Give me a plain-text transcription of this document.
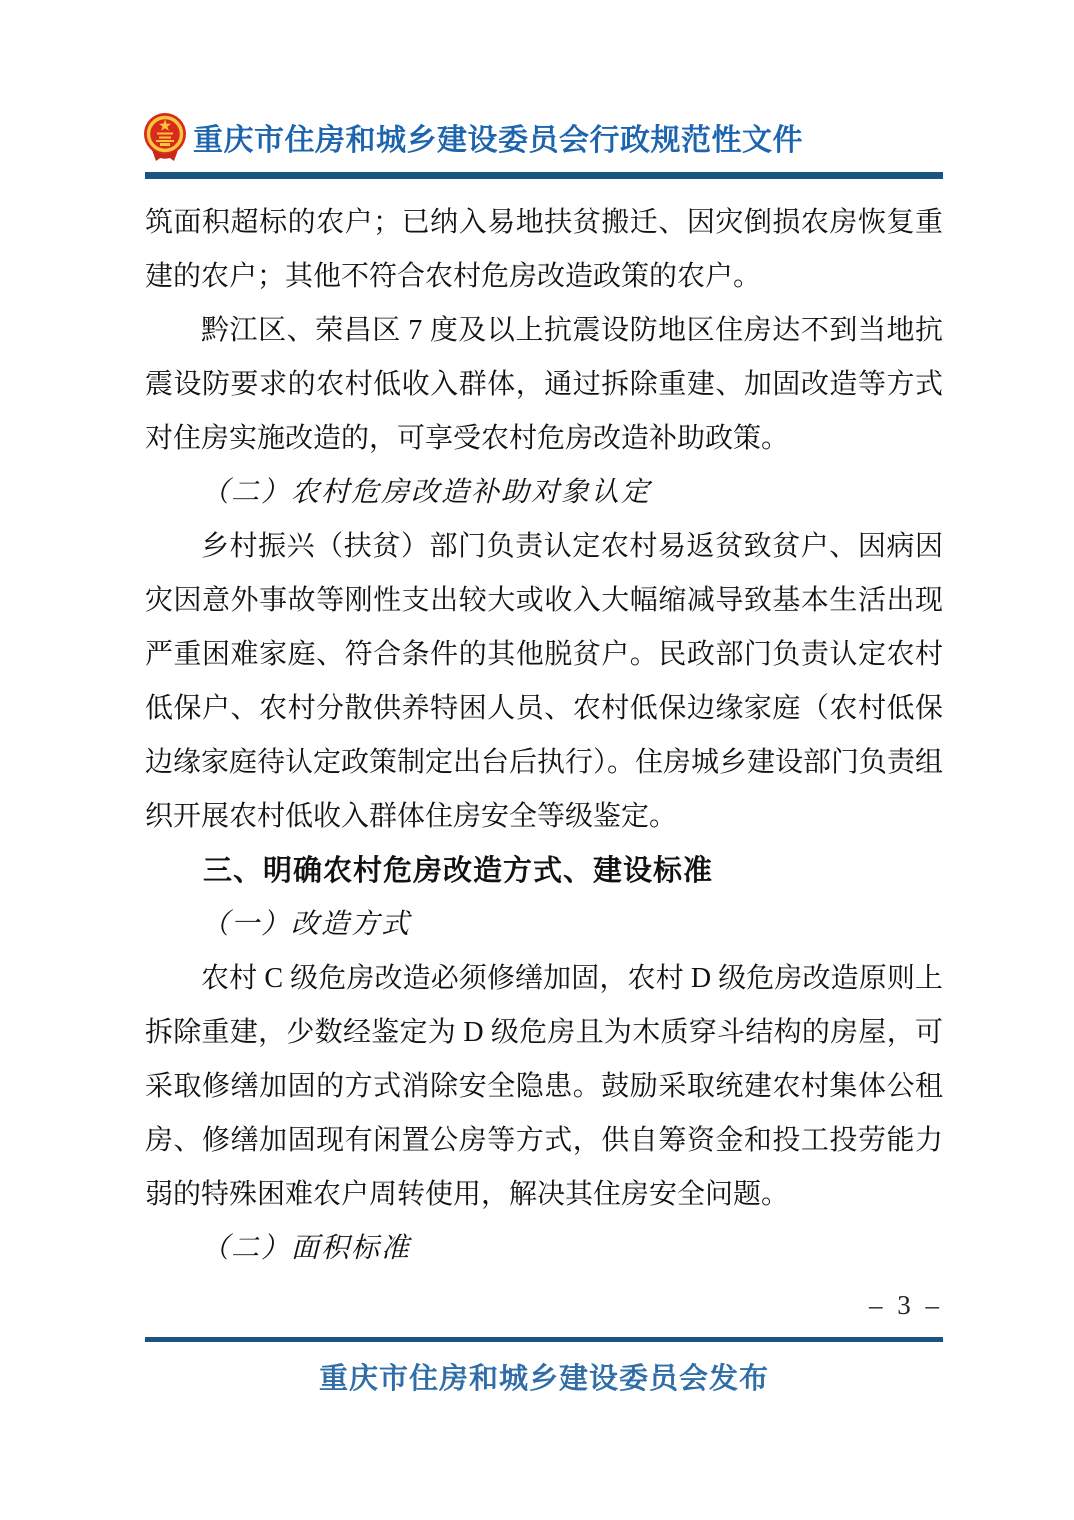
重庆市住房和城乡建设委员会行政规范性文件

筑面积超标的农户；已纳入易地扶贫搬迁、因灾倒损农房恢复重建的农户；其他不符合农村危房改造政策的农户。

黔江区、荣昌区 7 度及以上抗震设防地区住房达不到当地抗震设防要求的农村低收入群体，通过拆除重建、加固改造等方式对住房实施改造的，可享受农村危房改造补助政策。

（二）农村危房改造补助对象认定

乡村振兴（扶贫）部门负责认定农村易返贫致贫户、因病因灾因意外事故等刚性支出较大或收入大幅缩减导致基本生活出现严重困难家庭、符合条件的其他脱贫户。民政部门负责认定农村低保户、农村分散供养特困人员、农村低保边缘家庭（农村低保边缘家庭待认定政策制定出台后执行）。住房城乡建设部门负责组织开展农村低收入群体住房安全等级鉴定。

三、明确农村危房改造方式、建设标准

（一）改造方式

农村 C 级危房改造必须修缮加固，农村 D 级危房改造原则上拆除重建，少数经鉴定为 D 级危房且为木质穿斗结构的房屋，可采取修缮加固的方式消除安全隐患。鼓励采取统建农村集体公租房、修缮加固现有闲置公房等方式，供自筹资金和投工投劳能力弱的特殊困难农户周转使用，解决其住房安全问题。

（二）面积标准

– 3 –
重庆市住房和城乡建设委员会发布
